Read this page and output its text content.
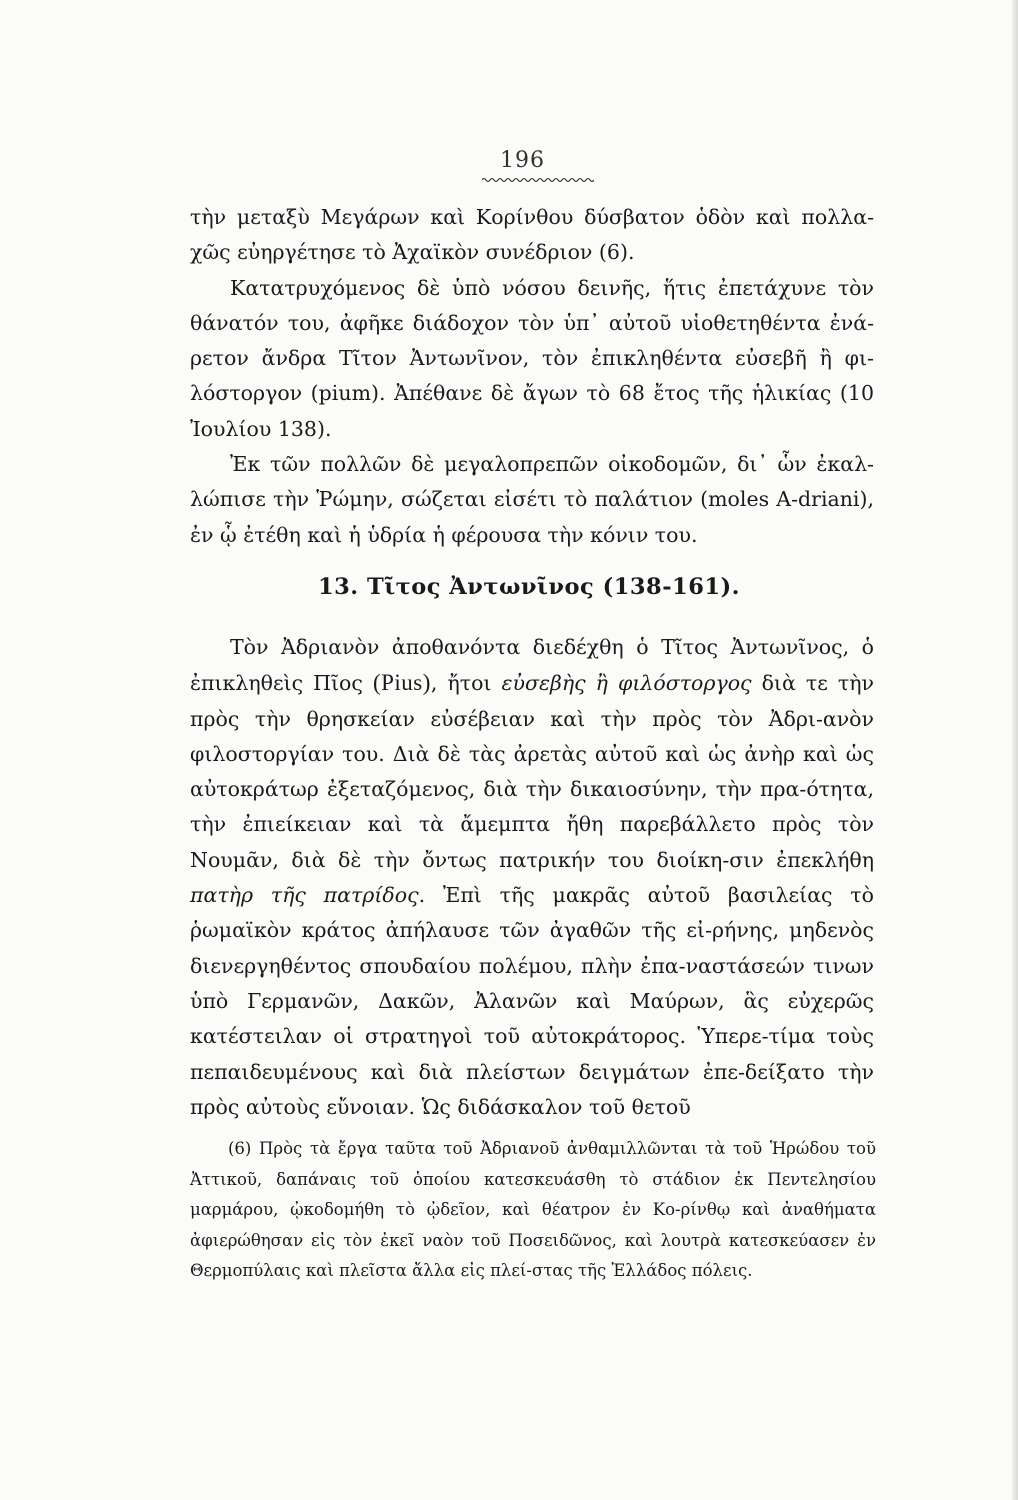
196

τὴν μεταξὺ Μεγάρων καὶ Κορίνθου δύσβατον ὁδὸν καὶ πολλα-χῶς εὐηργέτησε τὸ Ἀχαϊκὸν συνέδριον (6).

Κατατρυχόμενος δὲ ὑπὸ νόσου δεινῆς, ἥτις ἐπετάχυνε τὸν θάνατόν του, ἀφῆκε διάδοχον τὸν ὑπ᾽ αὐτοῦ υἱοθετηθέντα ἐνά-ρετον ἄνδρα Τῖτον Ἀντωνῖνον, τὸν ἐπικληθέντα εὐσεβῆ ἢ φι-λόστοργον (pium). Ἀπέθανε δὲ ἄγων τὸ 68 ἔτος τῆς ἡλικίας (10 Ἰουλίου 138).

Ἐκ τῶν πολλῶν δὲ μεγαλοπρεπῶν οἰκοδομῶν, δι᾽ ὧν ἐκαλ-λώπισε τὴν Ῥώμην, σώζεται εἰσέτι τὸ παλάτιον (moles A-driani), ἐν ᾧ ἐτέθη καὶ ἡ ὑδρία ἡ φέρουσα τὴν κόνιν του.

13. Τῖτος Ἀντωνῖνος (138-161).

Τὸν Ἀδριανὸν ἀποθανόντα διεδέχθη ὁ Τῖτος Ἀντωνῖνος, ὁ ἐπικληθεὶς Πῖος (Pius), ἤτοι εὐσεβὴς ἢ φιλόστοργος διὰ τε τὴν πρὸς τὴν θρησκείαν εὐσέβειαν καὶ τὴν πρὸς τὸν Ἀδρι-ανὸν φιλοστοργίαν του. Διὰ δὲ τὰς ἀρετὰς αὐτοῦ καὶ ὡς ἀνὴρ καὶ ὡς αὐτοκράτωρ ἐξεταζόμενος, διὰ τὴν δικαιοσύνην, τὴν πρα-ότητα, τὴν ἐπιείκειαν καὶ τὰ ἄμεμπτα ἤθη παρεβάλλετο πρὸς τὸν Νουμᾶν, διὰ δὲ τὴν ὄντως πατρικήν του διοίκη-σιν ἐπεκλήθη πατὴρ τῆς πατρίδος. Ἐπὶ τῆς μακρᾶς αὐτοῦ βασιλείας τὸ ῥωμαϊκὸν κράτος ἀπήλαυσε τῶν ἀγαθῶν τῆς εἰ-ρήνης, μηδενὸς διενεργηθέντος σπουδαίου πολέμου, πλὴν ἐπα-ναστάσεών τινων ὑπὸ Γερμανῶν, Δακῶν, Ἀλανῶν καὶ Μαύρων, ἃς εὐχερῶς κατέστειλαν οἱ στρατηγοὶ τοῦ αὐτοκράτορος. Ὑπερε-τίμα τοὺς πεπαιδευμένους καὶ διὰ πλείστων δειγμάτων ἐπε-δείξατο τὴν πρὸς αὐτοὺς εὔνοιαν. Ὡς διδάσκαλον τοῦ θετοῦ

(6) Πρὸς τὰ ἔργα ταῦτα τοῦ Ἀδριανοῦ ἀνθαμιλλῶνται τὰ τοῦ Ἡρώδου τοῦ Ἀττικοῦ, δαπάναις τοῦ ὁποίου κατεσκευάσθη τὸ στάδιον ἐκ Πεντελησίου μαρμάρου, ᾠκοδομήθη τὸ ᾠδεῖον, καὶ θέατρον ἐν Κο-ρίνθῳ καὶ ἀναθήματα ἀφιερώθησαν εἰς τὸν ἐκεῖ ναὸν τοῦ Ποσειδῶνος, καὶ λουτρὰ κατεσκεύασεν ἐν Θερμοπύλαις καὶ πλεῖστα ἄλλα εἰς πλεί-στας τῆς Ἑλλάδος πόλεις.
